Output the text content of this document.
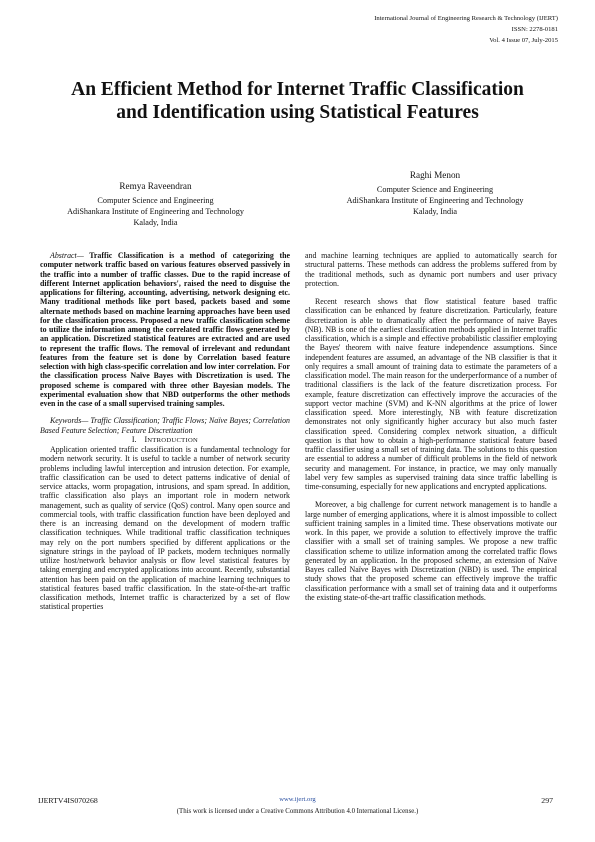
International Journal of Engineering Research & Technology (IJERT)
ISSN: 2278-0181
Vol. 4 Issue 07, July-2015
An Efficient Method for Internet Traffic Classification and Identification using Statistical Features
Remya Raveendran
Computer Science and Engineering
AdiShankara Institute of Engineering and Technology
Kalady, India
Raghi Menon
Computer Science and Engineering
AdiShankara Institute of Engineering and Technology
Kalady, India

Abstract— Traffic Classification is a method of categorizing the computer network traffic based on various features observed passively in the traffic into a number of traffic classes. Due to the rapid increase of different Internet application behaviors', raised the need to disguise the applications for filtering, accounting, advertising, network designing etc. Many traditional methods like port based, packets based and some alternate methods based on machine learning approaches have been used for the classification process. Proposed a new traffic classification scheme to utilize the information among the correlated traffic flows generated by an application. Discretized statistical features are extracted and are used to represent the traffic flows. The removal of irrelevant and redundant features from the feature set is done by Correlation based feature selection with high class-specific correlation and low inter correlation. For the classification process Naïve Bayes with Discretization is used. The proposed scheme is compared with three other Bayesian models. The experimental evaluation show that NBD outperforms the other methods even in the case of a small supervised training samples.

Keywords— Traffic Classification; Traffic Flows; Naïve Bayes; Correlation Based Feature Selection; Feature Discretization

I. INTRODUCTION

Application oriented traffic classification is a fundamental technology for modern network security. It is useful to tackle a number of network security problems including lawful interception and intrusion detection. For example, traffic classification can be used to detect patterns indicative of denial of service attacks, worm propagation, intrusions, and spam spread. In addition, traffic classification also plays an important role in modern network management, such as quality of service (QoS) control. Many open source and commercial tools, with traffic classification function have been deployed and there is an increasing demand on the development of modern traffic classification techniques. While traditional traffic classification techniques may rely on the port numbers specified by different applications or the signature strings in the payload of IP packets, modern techniques normally utilize host/network behavior analysis or flow level statistical features by taking emerging and encrypted applications into account. Recently, substantial attention has been paid on the application of machine learning techniques to statistical features based traffic classification. In the state-of-the-art traffic classification methods, Internet traffic is characterized by a set of flow statistical properties

and machine learning techniques are applied to automatically search for structural patterns. These methods can address the problems suffered from by the traditional methods, such as dynamic port numbers and user privacy protection.

Recent research shows that flow statistical feature based traffic classification can be enhanced by feature discretization. Particularly, feature discretization is able to dramatically affect the performance of naive Bayes (NB). NB is one of the earliest classification methods applied in Internet traffic classification, which is a simple and effective probabilistic classifier employing the Bayes' theorem with naive feature independence assumptions. Since independent features are assumed, an advantage of the NB classifier is that it only requires a small amount of training data to estimate the parameters of a classification model. The main reason for the underperformance of a number of traditional classifiers is the lack of the feature discretization process. For example, feature discretization can effectively improve the accuracies of the support vector machine (SVM) and K-NN algorithms at the price of lower classification speed. More interestingly, NB with feature discretization demonstrates not only significantly higher accuracy but also much faster classification speed. Considering complex network situation, a difficult question is that how to obtain a high-performance statistical feature based traffic classifier using a small set of training data. The solutions to this question are essential to address a number of difficult problems in the field of network security and management. For instance, in practice, we may only manually label very few samples as supervised training data since traffic labelling is time-consuming, especially for new applications and encrypted applications.

Moreover, a big challenge for current network management is to handle a large number of emerging applications, where it is almost impossible to collect sufficient training samples in a limited time. These observations motivate our work. In this paper, we provide a solution to effectively improve the traffic classifier with a small set of training samples. We propose a new traffic classification scheme to utilize information among the correlated traffic flows generated by an application. In the proposed scheme, an extension of Naïve Bayes called Naïve Bayes with Discretization (NBD) is used. The empirical study shows that the proposed scheme can effectively improve the traffic classification performance with a small set of training data and it outperforms the existing state-of-the-art traffic classification methods.

IJERTV4IS070268	www.ijert.org	297
(This work is licensed under a Creative Commons Attribution 4.0 International License.)
